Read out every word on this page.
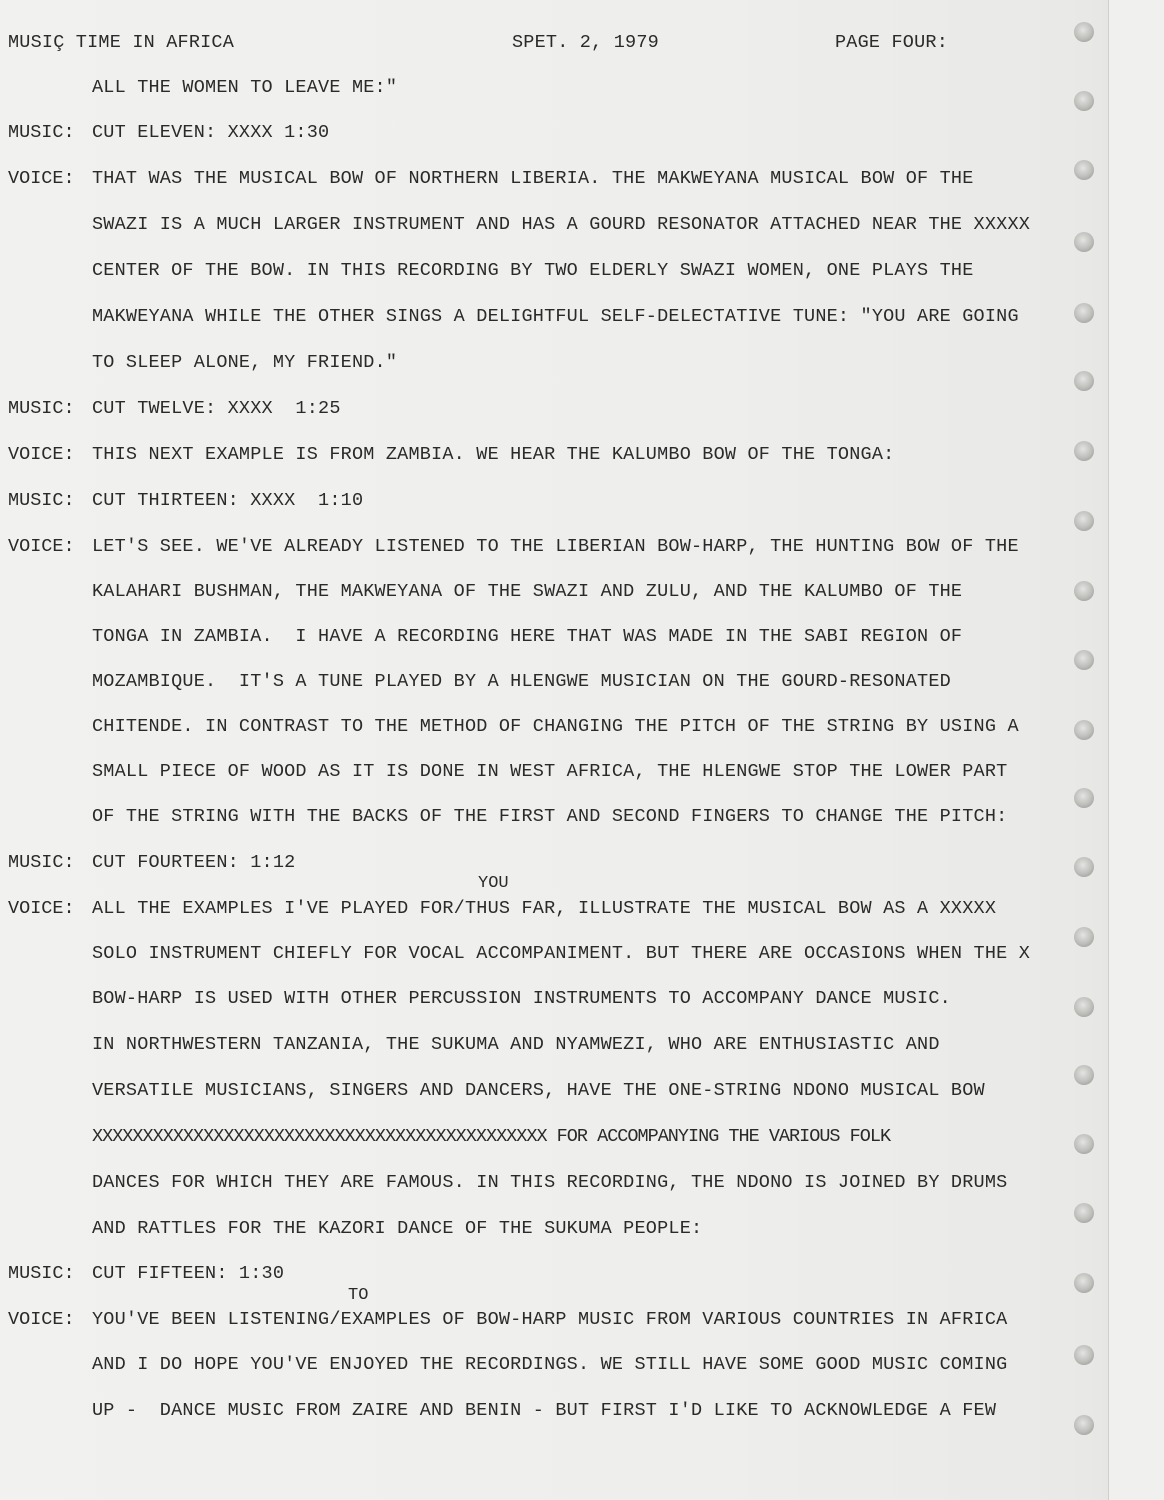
MUSIÇ TIME IN AFRICA	SPET. 2, 1979	PAGE FOUR:
ALL THE WOMEN TO LEAVE ME:"
MUSIC: CUT ELEVEN: XXXX 1:30
VOICE: THAT WAS THE MUSICAL BOW OF NORTHERN LIBERIA. THE MAKWEYANA MUSICAL BOW OF THE
SWAZI IS A MUCH LARGER INSTRUMENT AND HAS A GOURD RESONATOR ATTACHED NEAR THE XXXXX
CENTER OF THE BOW. IN THIS RECORDING BY TWO ELDERLY SWAZI WOMEN, ONE PLAYS THE
MAKWEYANA WHILE THE OTHER SINGS A DELIGHTFUL SELF-DELECTATIVE TUNE: "YOU ARE GOING
TO SLEEP ALONE, MY FRIEND."
MUSIC: CUT TWELVE: XXXX  1:25
VOICE: THIS NEXT EXAMPLE IS FROM ZAMBIA. WE HEAR THE KALUMBO BOW OF THE TONGA:
MUSIC: CUT THIRTEEN: XXXX  1:10
VOICE: LET'S SEE. WE'VE ALREADY LISTENED TO THE LIBERIAN BOW-HARP, THE HUNTING BOW OF THE
KALAHARI BUSHMAN, THE MAKWEYANA OF THE SWAZI AND ZULU, AND THE KALUMBO OF THE
TONGA IN ZAMBIA.  I HAVE A RECORDING HERE THAT WAS MADE IN THE SABI REGION OF
MOZAMBIQUE.  IT'S A TUNE PLAYED BY A HLENGWE MUSICIAN ON THE GOURD-RESONATED
CHITENDE. IN CONTRAST TO THE METHOD OF CHANGING THE PITCH OF THE STRING BY USING A
SMALL PIECE OF WOOD AS IT IS DONE IN WEST AFRICA, THE HLENGWE STOP THE LOWER PART
OF THE STRING WITH THE BACKS OF THE FIRST AND SECOND FINGERS TO CHANGE THE PITCH:
MUSIC: CUT FOURTEEN: 1:12
YOU
VOICE: ALL THE EXAMPLES I'VE PLAYED FOR/THUS FAR, ILLUSTRATE THE MUSICAL BOW AS A XXXXX
SOLO INSTRUMENT CHIEFLY FOR VOCAL ACCOMPANIMENT. BUT THERE ARE OCCASIONS WHEN THE X
BOW-HARP IS USED WITH OTHER PERCUSSION INSTRUMENTS TO ACCOMPANY DANCE MUSIC.
IN NORTHWESTERN TANZANIA, THE SUKUMA AND NYAMWEZI, WHO ARE ENTHUSIASTIC AND
VERSATILE MUSICIANS, SINGERS AND DANCERS, HAVE THE ONE-STRING NDONO MUSICAL BOW
XXXXXXXXXXXXXXXXXXXXXXXXXXXXXXXXXXXXXXXXXXXXX FOR ACCOMPANYING THE VARIOUS FOLK
DANCES FOR WHICH THEY ARE FAMOUS. IN THIS RECORDING, THE NDONO IS JOINED BY DRUMS
AND RATTLES FOR THE KAZORI DANCE OF THE SUKUMA PEOPLE:
MUSIC: CUT FIFTEEN: 1:30
TO
VOICE: YOU'VE BEEN LISTENING/EXAMPLES OF BOW-HARP MUSIC FROM VARIOUS COUNTRIES IN AFRICA
AND I DO HOPE YOU'VE ENJOYED THE RECORDINGS. WE STILL HAVE SOME GOOD MUSIC COMING
UP -  DANCE MUSIC FROM ZAIRE AND BENIN - BUT FIRST I'D LIKE TO ACKNOWLEDGE A FEW
